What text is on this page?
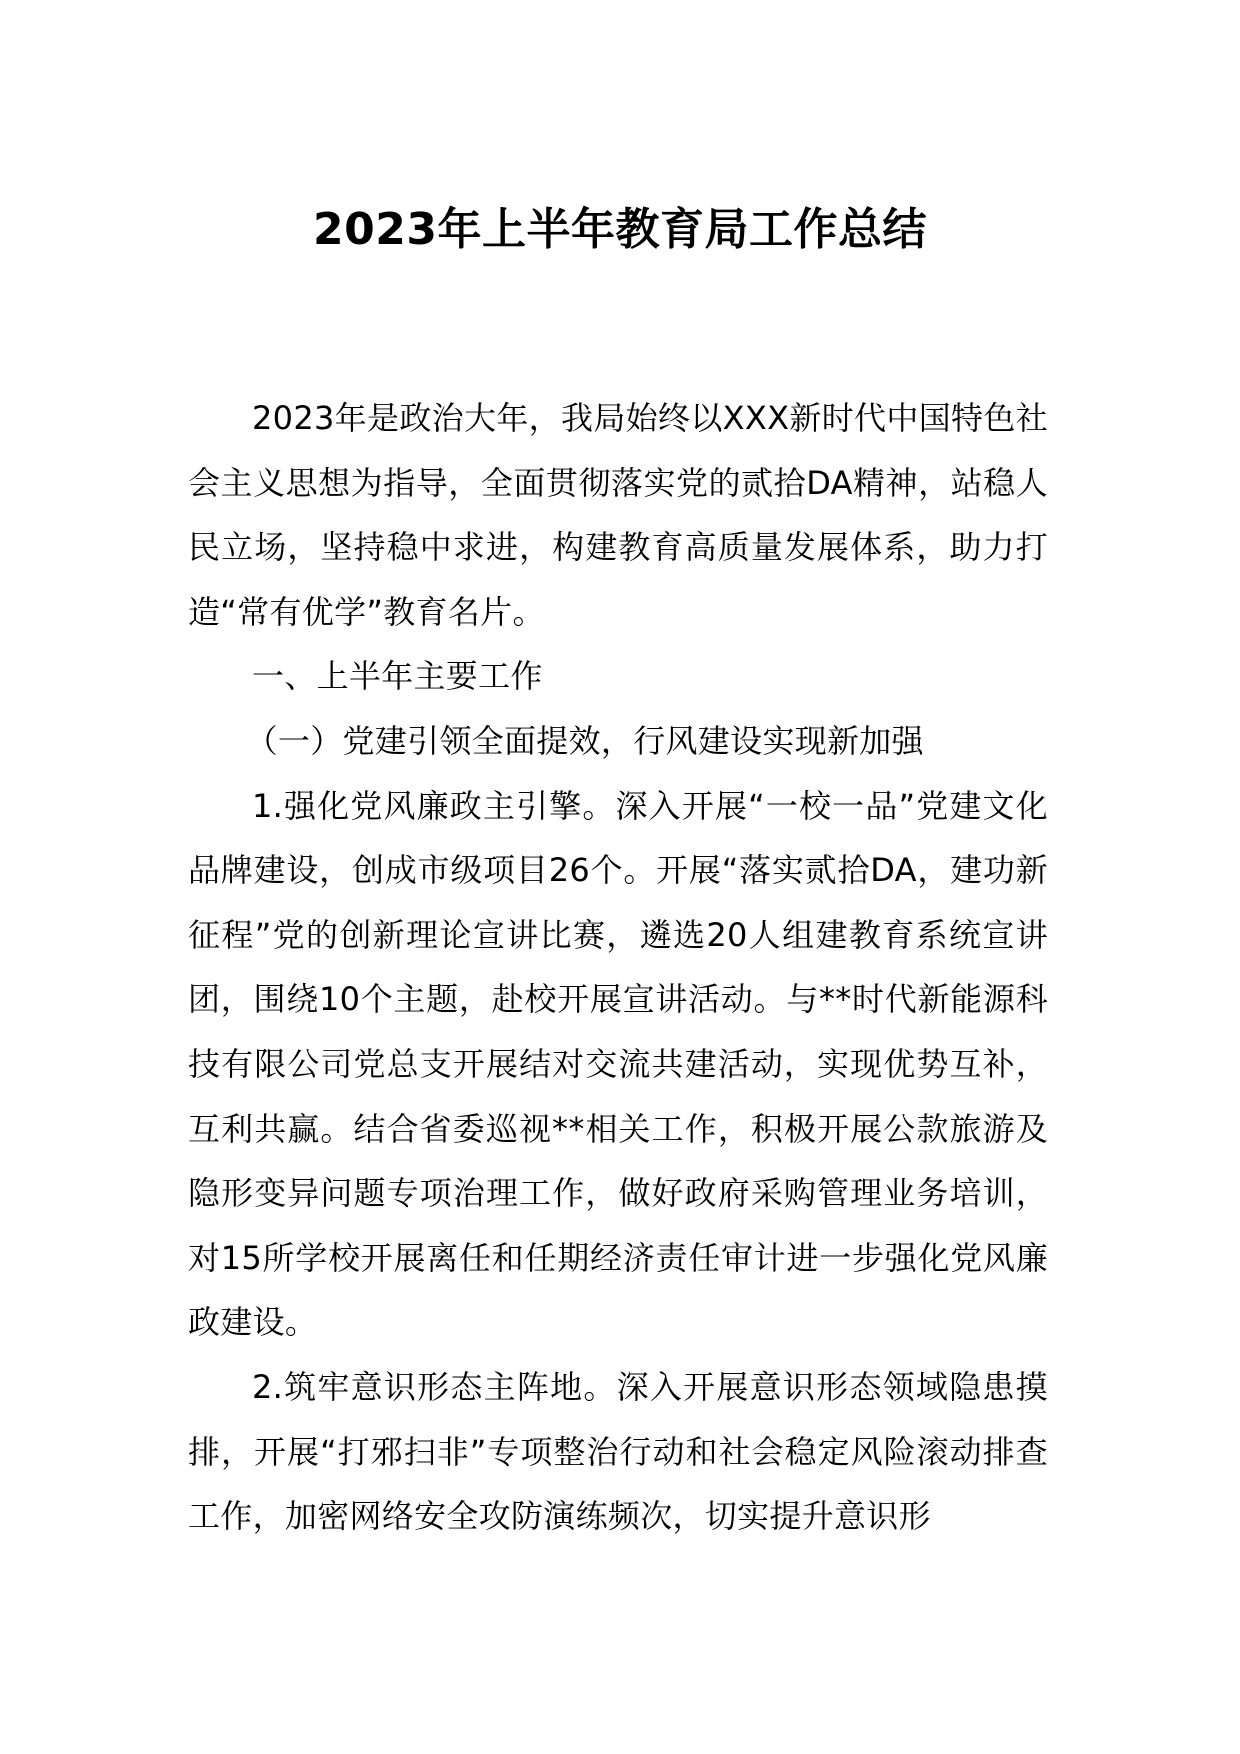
2023年上半年教育局工作总结

2023年是政治大年，我局始终以XXX新时代中国特色社会主义思想为指导，全面贯彻落实党的贰拾DA精神，站稳人民立场，坚持稳中求进，构建教育高质量发展体系，助力打造“常有优学”教育名片。

一、上半年主要工作

（一）党建引领全面提效，行风建设实现新加强

1.强化党风廉政主引擎。深入开展“一校一品”党建文化品牌建设，创成市级项目26个。开展“落实贰拾DA，建功新征程”党的创新理论宣讲比赛，遴选20人组建教育系统宣讲团，围绕10个主题，赴校开展宣讲活动。与**时代新能源科技有限公司党总支开展结对交流共建活动，实现优势互补，互利共赢。结合省委巡视**相关工作，积极开展公款旅游及隐形变异问题专项治理工作，做好政府采购管理业务培训，对15所学校开展离任和任期经济责任审计进一步强化党风廉政建设。

2.筑牢意识形态主阵地。深入开展意识形态领域隐患摸排，开展“打邪扫非”专项整治行动和社会稳定风险滚动排查工作，加密网络安全攻防演练频次，切实提升意识形
